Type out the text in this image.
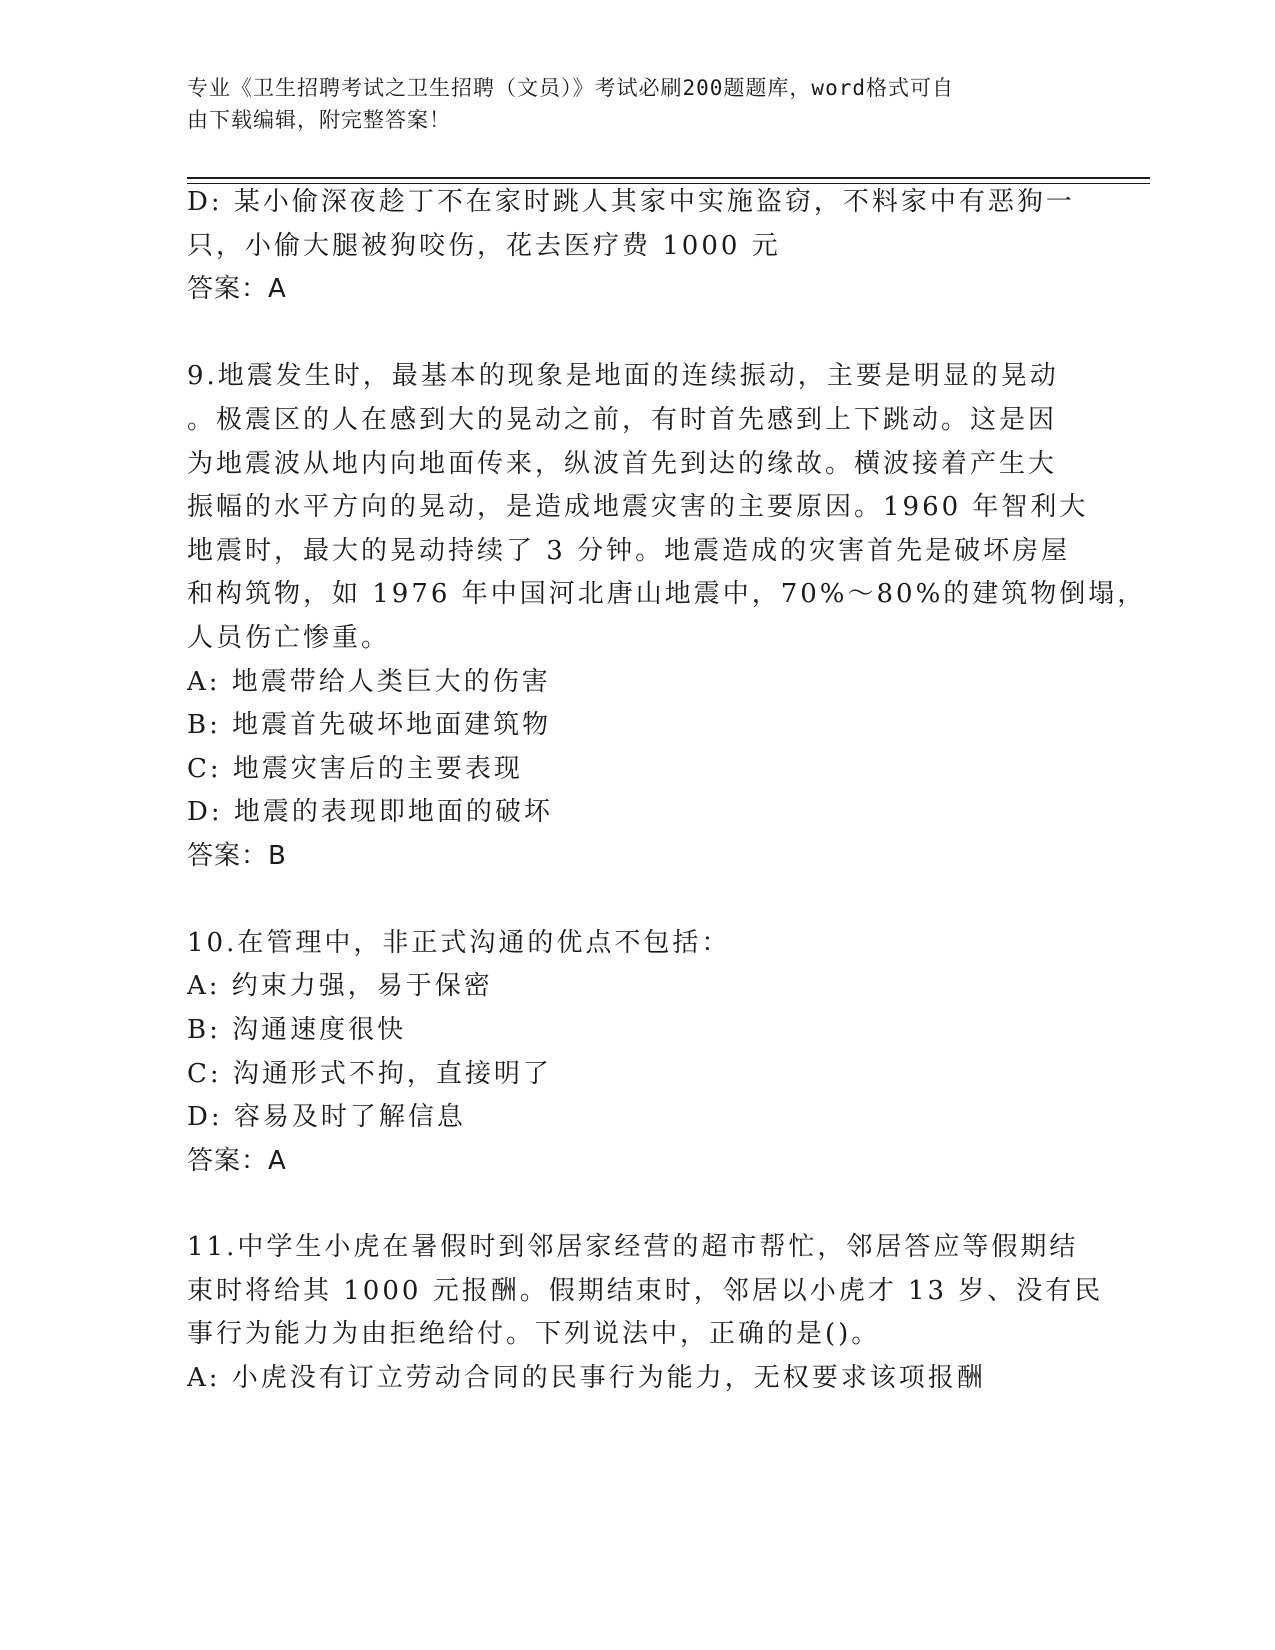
专业《卫生招聘考试之卫生招聘（文员）》考试必刷200题题库，word格式可自
由下载编辑，附完整答案！
D: 某小偷深夜趁丁不在家时跳人其家中实施盗窃，不料家中有恶狗一
只，小偷大腿被狗咬伤，花去医疗费 1000 元
答案：A
9.地震发生时，最基本的现象是地面的连续振动，主要是明显的晃动
。极震区的人在感到大的晃动之前，有时首先感到上下跳动。这是因
为地震波从地内向地面传来，纵波首先到达的缘故。横波接着产生大
振幅的水平方向的晃动，是造成地震灾害的主要原因。1960 年智利大
地震时，最大的晃动持续了 3 分钟。地震造成的灾害首先是破坏房屋
和构筑物，如 1976 年中国河北唐山地震中，70%～80%的建筑物倒塌，
人员伤亡惨重。
A: 地震带给人类巨大的伤害
B: 地震首先破坏地面建筑物
C: 地震灾害后的主要表现
D: 地震的表现即地面的破坏
答案：B
10.在管理中，非正式沟通的优点不包括：
A: 约束力强，易于保密
B: 沟通速度很快
C: 沟通形式不拘，直接明了
D: 容易及时了解信息
答案：A
11.中学生小虎在暑假时到邻居家经营的超市帮忙，邻居答应等假期结
束时将给其 1000 元报酬。假期结束时，邻居以小虎才 13 岁、没有民
事行为能力为由拒绝给付。下列说法中，正确的是()。
A: 小虎没有订立劳动合同的民事行为能力，无权要求该项报酬
